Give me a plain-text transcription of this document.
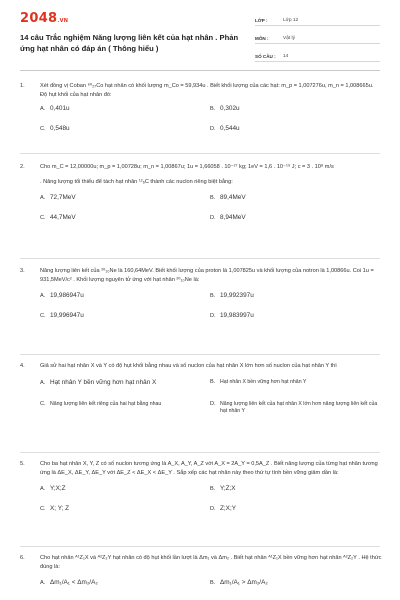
2048.VN
14 câu Trắc nghiệm Năng lượng liên kết của hạt nhân . Phản ứng hạt nhân có đáp án ( Thông hiểu )
LỚP :	Lớp 12
MÔN :	Vật lý
SỐ CÂU :	14
1.	Xét đồng vị Coban ⁶⁰₂₇Co hạt nhân có khối lượng m_Co = 59,934u . Biết khối lượng của các hạt: m_p = 1,007276u, m_n = 1,008665u. Độ hụt khối của hạt nhân đó:
A. 0,401u	B. 0,302u
C. 0,548u	D. 0,544u
2.	Cho m_C = 12,00000u; m_p = 1,00728u; m_n = 1,00867u; 1u = 1,66058 . 10⁻²⁷ kg; 1eV = 1,6 . 10⁻¹⁹ J; c = 3 . 10⁸ m/s
. Năng lượng tối thiểu để tách hạt nhân ¹²₆C thành các nuclon riêng biệt bằng:
A. 72,7MeV	B. 89,4MeV
C. 44,7MeV	D. 8,94MeV
3.	Năng lượng liên kết của ²⁰₁₀Ne là 160,64MeV. Biết khối lượng của proton là 1,007825u và khối lượng của notron là 1,00866u. Coi 1u = 931,5MeV/c² . Khối lượng nguyên tử ứng với hạt nhân ²⁰₁₀Ne là:
A. 19,986947u	B. 19,992397u
C. 19,996947u	D. 19,983997u
4.	Giả sử hai hạt nhân X và Y có độ hụt khối bằng nhau và số nuclon của hạt nhân X lớn hơn số nuclon của hạt nhân Y thì
A. Hạt nhân Y bền vững hơn hạt nhân X	B. Hạt nhân X bền vững hơn hạt nhân Y
C. Năng lượng liên kết riêng của hai hạt bằng nhau	D. Năng lượng liên kết của hạt nhân X lớn hơn năng lượng liên kết của hạt nhân Y
5.	Cho ba hạt nhân X, Y, Z có số nuclon tương ứng là A_X, A_Y, A_Z với A_X = 2A_Y = 0,5A_Z . Biết năng lượng của từng hạt nhân tương ứng là ΔE_X, ΔE_Y, ΔE_Y với ΔE_Z < ΔE_X < ΔE_Y . Sắp xếp các hạt nhân này theo thứ tự tính bền vững giảm dần là:
A. Y;X;Z	B. Y;Z;X
C. X; Y; Z	D. Z;X;Y
6.	Cho hạt nhân ᴬ¹Z₁X và ᴬ²Z₂Y hạt nhân có độ hụt khối lần lượt là Δm₁ và Δm₂ . Biết hạt nhân ᴬ¹Z₁X bền vững hơn hạt nhân ᴬ²Z₂Y . Hệ thức đúng là:
A. Δm₁/A₁ < Δm₂/A₂	B. Δm₁/A₁ > Δm₂/A₂
